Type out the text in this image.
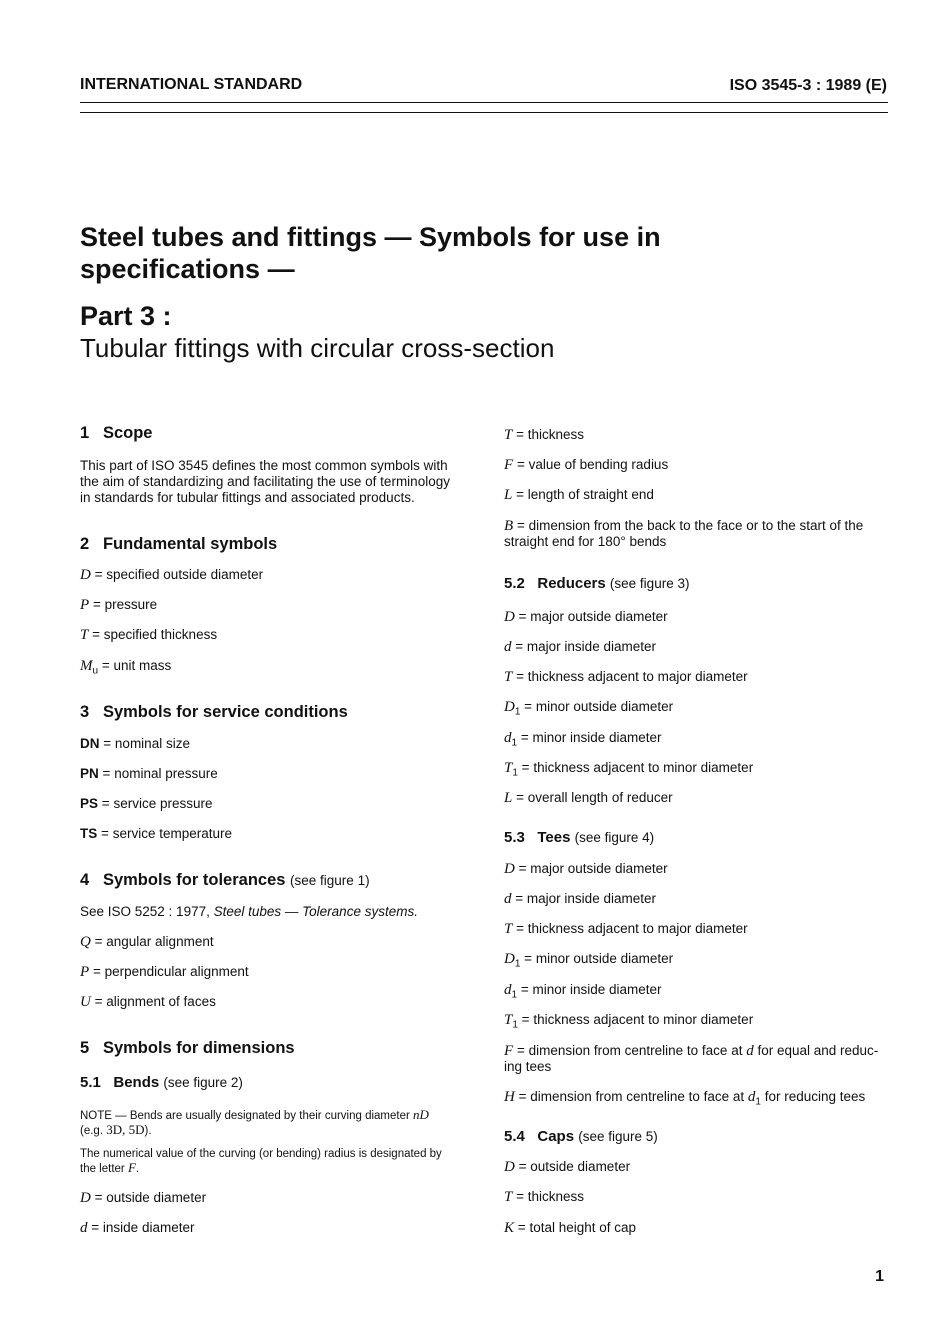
INTERNATIONAL STANDARD	ISO 3545-3 : 1989 (E)
Steel tubes and fittings — Symbols for use in
specifications —
Part 3 :
Tubular fittings with circular cross-section
1 Scope
This part of ISO 3545 defines the most common symbols with
the aim of standardizing and facilitating the use of terminology
in standards for tubular fittings and associated products.
2 Fundamental symbols
D = specified outside diameter
P = pressure
T = specified thickness
$M_u$ = unit mass
3 Symbols for service conditions
DN = nominal size
PN = nominal pressure
PS = service pressure
TS = service temperature
4 Symbols for tolerances (see figure 1)
See ISO 5252 : 1977, Steel tubes — Tolerance systems.
Q = angular alignment
P = perpendicular alignment
U = alignment of faces
5 Symbols for dimensions
5.1 Bends (see figure 2)
NOTE — Bends are usually designated by their curving diameter nD
(e.g. 3D, 5D).
The numerical value of the curving (or bending) radius is designated by
the letter F.
D = outside diameter
d = inside diameter
T = thickness
F = value of bending radius
L = length of straight end
B = dimension from the back to the face or to the start of the
straight end for 180° bends
5.2 Reducers (see figure 3)
D = major outside diameter
d = major inside diameter
T = thickness adjacent to major diameter
$D_1$ = minor outside diameter
$d_1$ = minor inside diameter
$T_1$ = thickness adjacent to minor diameter
L = overall length of reducer
5.3 Tees (see figure 4)
D = major outside diameter
d = major inside diameter
T = thickness adjacent to major diameter
$D_1$ = minor outside diameter
$d_1$ = minor inside diameter
$T_1$ = thickness adjacent to minor diameter
F = dimension from centreline to face at d for equal and reduc-
ing tees
H = dimension from centreline to face at $d_1$ for reducing tees
5.4 Caps (see figure 5)
D = outside diameter
T = thickness
K = total height of cap
1
